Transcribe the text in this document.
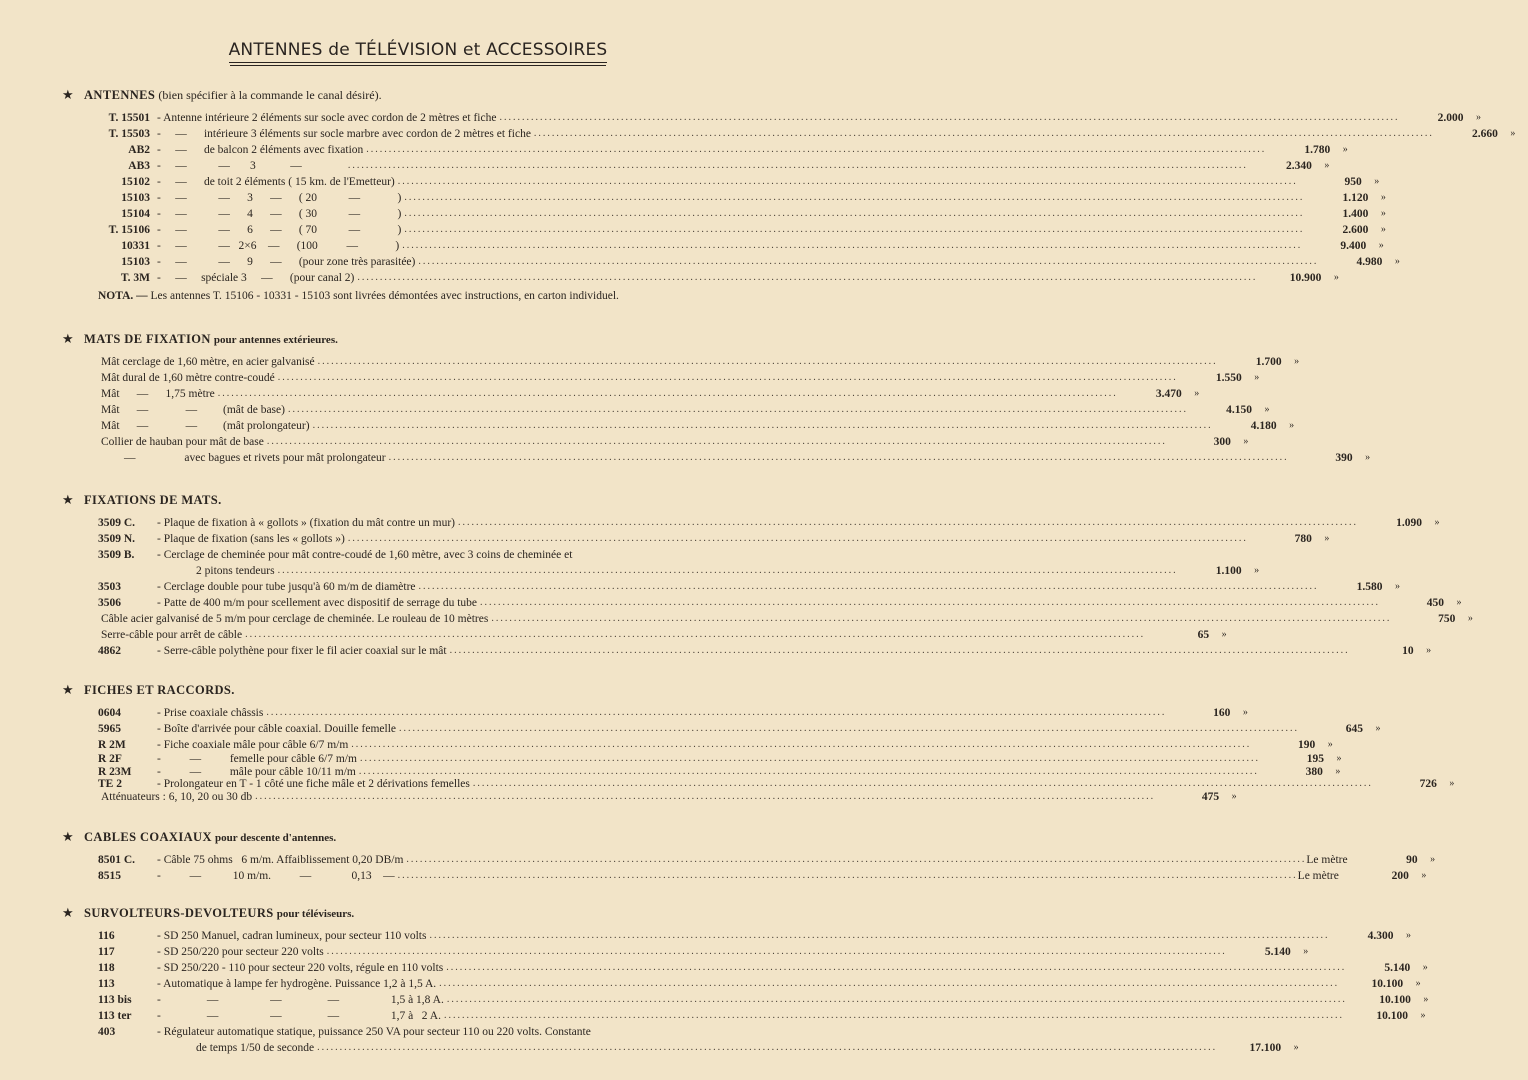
ANTENNES de TÉLÉVISION et ACCESSOIRES
★ ANTENNES (bien spécifier à la commande le canal désiré).
T. 15501 - Antenne intérieure 2 éléments sur socle avec cordon de 2 mètres et fiche ........................................................................................................................................................................................................	2.000	»
T. 15503 -     —      intérieure 3 éléments sur socle marbre avec cordon de 2 mètres et fiche ........................................................................................................................................................................................................	2.660	»
AB2 -     —      de balcon 2 éléments avec fixation ........................................................................................................................................................................................................	1.780	»
AB3 -     —           —       3            — ........................................................................................................................................................................................................	2.340	»
15102 -     —      de toit 2 éléments ( 15 km. de l'Emetteur) ........................................................................................................................................................................................................	950	»
15103 -     —           —      3      —      ( 20           —             ) ........................................................................................................................................................................................................	1.120	»
15104 -     —           —      4      —      ( 30           —             ) ........................................................................................................................................................................................................	1.400	»
T. 15106 -     —           —      6      —      ( 70           —             ) ........................................................................................................................................................................................................	2.600	»
10331 -     —           —   2×6    —      (100          —             ) ........................................................................................................................................................................................................	9.400	»
15103 -     —           —      9      —      (pour zone très parasitée) ........................................................................................................................................................................................................	4.980	»
T. 3M -     —     spéciale 3     —      (pour canal 2) ........................................................................................................................................................................................................	10.900	»
NOTA. — Les antennes T. 15106 - 10331 - 15103 sont livrées démontées avec instructions, en carton individuel.
★ MATS DE FIXATION pour antennes extérieures.
Mât cerclage de 1,60 mètre, en acier galvanisé ........................................................................................................................................................................................................	1.700	»
Mât dural de 1,60 mètre contre-coudé ........................................................................................................................................................................................................	1.550	»
Mât      —      1,75 mètre ........................................................................................................................................................................................................	3.470	»
Mât      —             —         (mât de base) ........................................................................................................................................................................................................	4.150	»
Mât      —             —         (mât prolongateur) ........................................................................................................................................................................................................	4.180	»
Collier de hauban pour mât de base ........................................................................................................................................................................................................	300	»
—                 avec bagues et rivets pour mât prolongateur ........................................................................................................................................................................................................	390	»
★ FIXATIONS DE MATS.
3509 C.	- Plaque de fixation à « gollots » (fixation du mât contre un mur) ........................................................................................................................................................................................................	1.090	»
3509 N.	- Plaque de fixation (sans les « gollots ») ........................................................................................................................................................................................................	780	»
3509 B.	- Cerclage de cheminée pour mât contre-coudé de 1,60 mètre, avec 3 coins de cheminée et
2 pitons tendeurs ........................................................................................................................................................................................................	1.100	»
3503	- Cerclage double pour tube jusqu'à 60 m/m de diamètre ........................................................................................................................................................................................................	1.580	»
3506	- Patte de 400 m/m pour scellement avec dispositif de serrage du tube ........................................................................................................................................................................................................	450	»
Câble acier galvanisé de 5 m/m pour cerclage de cheminée. Le rouleau de 10 mètres ........................................................................................................................................................................................................	750	»
Serre-câble pour arrêt de câble ........................................................................................................................................................................................................	65	»
4862	- Serre-câble polythène pour fixer le fil acier coaxial sur le mât ........................................................................................................................................................................................................	10	»
★ FICHES ET RACCORDS.
0604	- Prise coaxiale châssis ........................................................................................................................................................................................................	160	»
5965	- Boîte d'arrivée pour câble coaxial. Douille femelle ........................................................................................................................................................................................................	645	»
R 2M	- Fiche coaxiale mâle pour câble 6/7 m/m ........................................................................................................................................................................................................	190	»
R 2F	-          —          femelle pour câble 6/7 m/m ........................................................................................................................................................................................................	195	»
R 23M	-          —          mâle pour câble 10/11 m/m ........................................................................................................................................................................................................	380	»
TE 2	- Prolongateur en T - 1 côté une fiche mâle et 2 dérivations femelles ........................................................................................................................................................................................................	726	»
Atténuateurs : 6, 10, 20 ou 30 db ........................................................................................................................................................................................................	475	»
★ CABLES COAXIAUX pour descente d'antennes.
8501 C.	- Câble 75 ohms   6 m/m. Affaiblissement 0,20 DB/m ........................................................................................................................................................................................................ Le mètre	90	»
8515	-          —           10 m/m.          —              0,13    — ........................................................................................................................................................................................................ Le mètre	200	»
★ SURVOLTEURS-DEVOLTEURS pour téléviseurs.
116	- SD 250 Manuel, cadran lumineux, pour secteur 110 volts ........................................................................................................................................................................................................	4.300	»
117	- SD 250/220 pour secteur 220 volts ........................................................................................................................................................................................................	5.140	»
118	- SD 250/220 - 110 pour secteur 220 volts, régule en 110 volts ........................................................................................................................................................................................................	5.140	»
113	- Automatique à lampe fer hydrogène. Puissance 1,2 à 1,5 A. ........................................................................................................................................................................................................	10.100	»
113 bis	-                —                  —                —                  1,5 à 1,8 A. ........................................................................................................................................................................................................	10.100	»
113 ter	-                —                  —                —                  1,7 à   2 A. ........................................................................................................................................................................................................	10.100	»
403	- Régulateur automatique statique, puissance 250 VA pour secteur 110 ou 220 volts. Constante
de temps 1/50 de seconde ........................................................................................................................................................................................................	17.100	»
